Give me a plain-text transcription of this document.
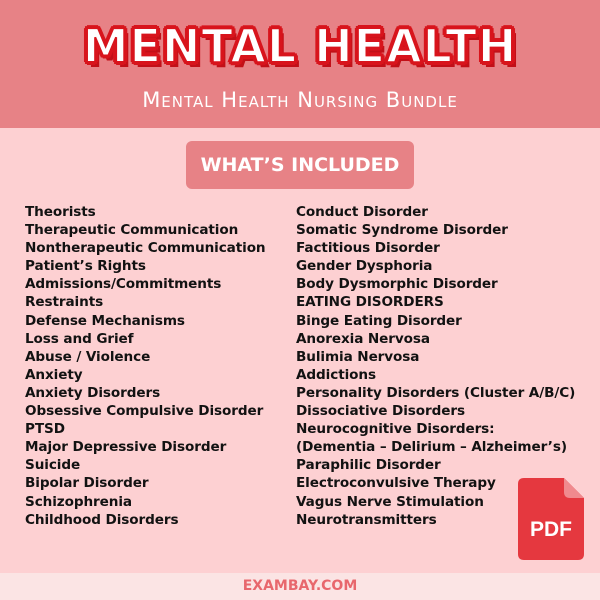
MENTAL HEALTH
Mental Health Nursing Bundle
WHAT’S INCLUDED
Theorists
Therapeutic Communication
Nontherapeutic Communication
Patient’s Rights
Admissions/Commitments
Restraints
Defense Mechanisms
Loss and Grief
Abuse / Violence
Anxiety
Anxiety Disorders
Obsessive Compulsive Disorder
PTSD
Major Depressive Disorder
Suicide
Bipolar Disorder
Schizophrenia
Childhood Disorders
Conduct Disorder
Somatic Syndrome Disorder
Factitious Disorder
Gender Dysphoria
Body Dysmorphic Disorder
EATING DISORDERS
Binge Eating Disorder
Anorexia Nervosa
Bulimia Nervosa
Addictions
Personality Disorders (Cluster A/B/C)
Dissociative Disorders
Neurocognitive Disorders:
(Dementia – Delirium – Alzheimer’s)
Paraphilic Disorder
Electroconvulsive Therapy
Vagus Nerve Stimulation
Neurotransmitters	PDF
EXAMBAY.COM
